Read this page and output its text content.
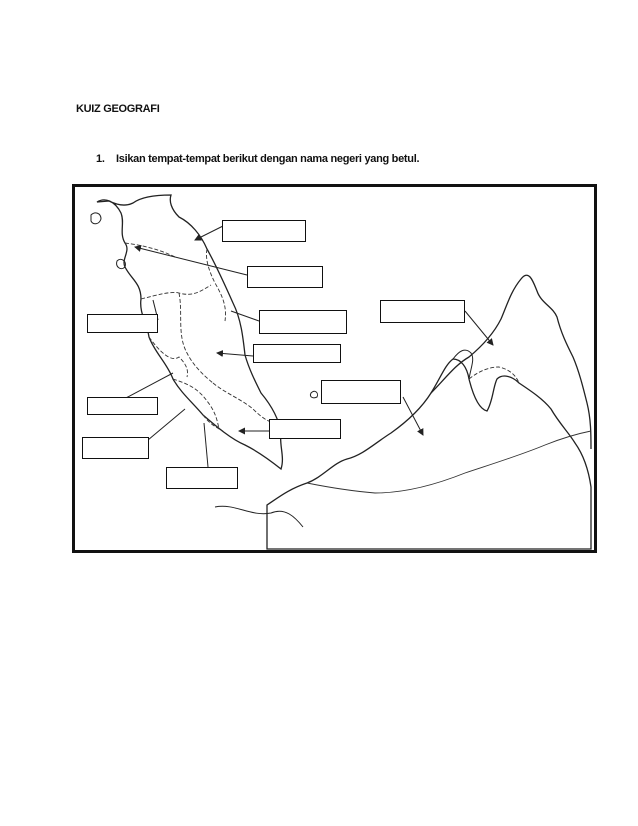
KUIZ GEOGRAFI
1. Isikan tempat-tempat berikut dengan nama negeri yang betul.
